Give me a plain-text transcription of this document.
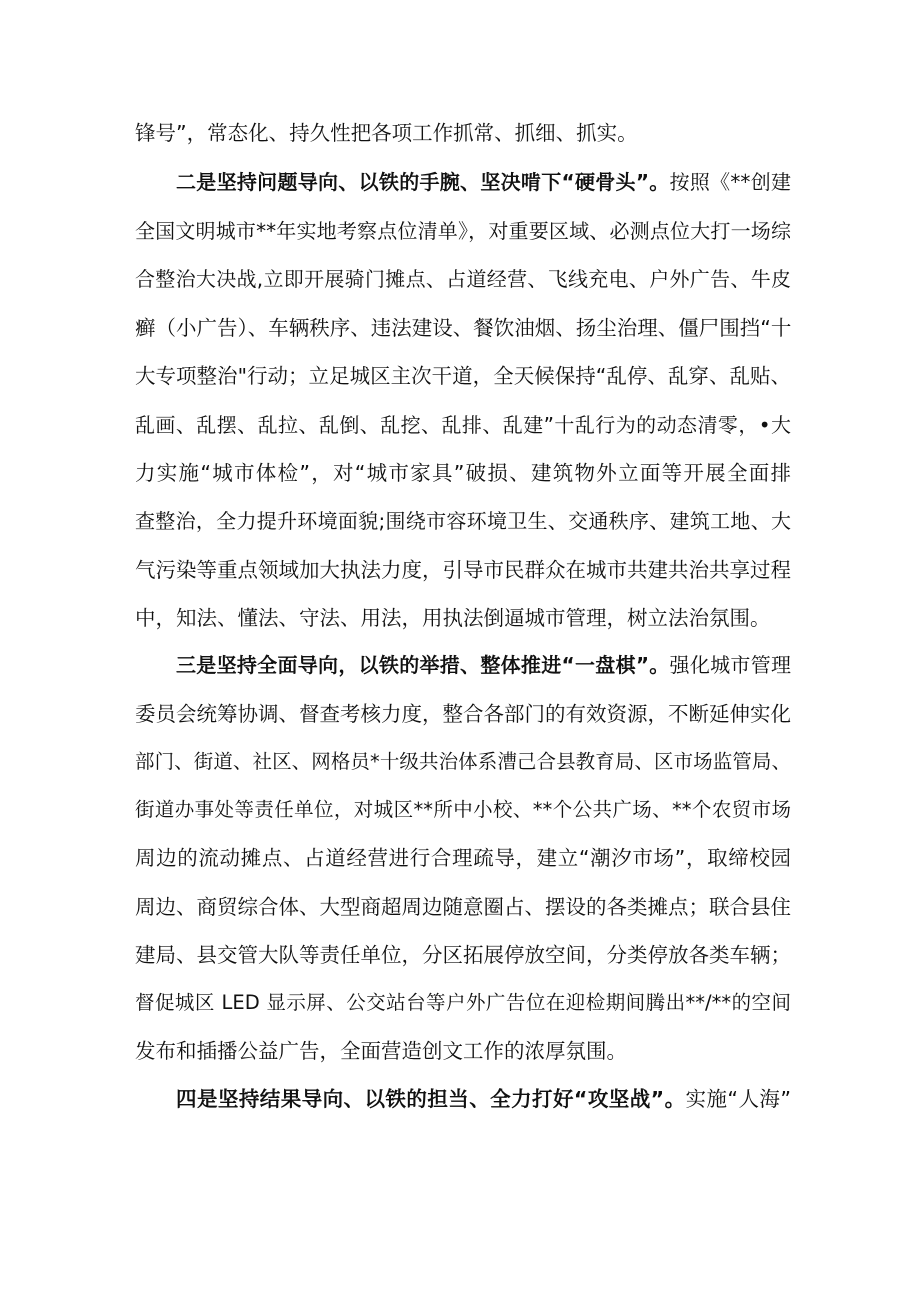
锋号”，常态化、持久性把各项工作抓常、抓细、抓实。
二是坚持问题导向、以铁的手腕、坚决啃下“硬骨头”。按照《**创建
全国文明城市**年实地考察点位清单》，对重要区域、必测点位大打一场综
合整治大决战,立即开展骑门摊点、占道经营、飞线充电、户外广告、牛皮
癣（小广告）、车辆秩序、违法建设、餐饮油烟、扬尘治理、僵尸围挡“十
大专项整治"行动；立足城区主次干道，全天候保持“乱停、乱穿、乱贴、
乱画、乱摆、乱拉、乱倒、乱挖、乱排、乱建”十乱行为的动态清零，•大
力实施“城市体检”，对“城市家具”破损、建筑物外立面等开展全面排
查整治，全力提升环境面貌;围绕市容环境卫生、交通秩序、建筑工地、大
气污染等重点领域加大执法力度，引导市民群众在城市共建共治共享过程
中，知法、懂法、守法、用法，用执法倒逼城市管理，树立法治氛围。
三是坚持全面导向，以铁的举措、整体推进“一盘棋”。强化城市管理
委员会统筹协调、督查考核力度，整合各部门的有效资源，不断延伸实化
部门、街道、社区、网格员*十级共治体系漕己合县教育局、区市场监管局、
街道办事处等责任单位，对城区**所中小校、**个公共广场、**个农贸市场
周边的流动摊点、占道经营进行合理疏导，建立“潮汐市场”，取缔校园
周边、商贸综合体、大型商超周边随意圈占、摆设的各类摊点；联合县住
建局、县交管大队等责任单位，分区拓展停放空间，分类停放各类车辆；
督促城区 LED 显示屏、公交站台等户外广告位在迎检期间腾出**/**的空间
发布和插播公益广告，全面营造创文工作的浓厚氛围。
四是坚持结果导向、以铁的担当、全力打好“攻坚战”。实施“人海”
